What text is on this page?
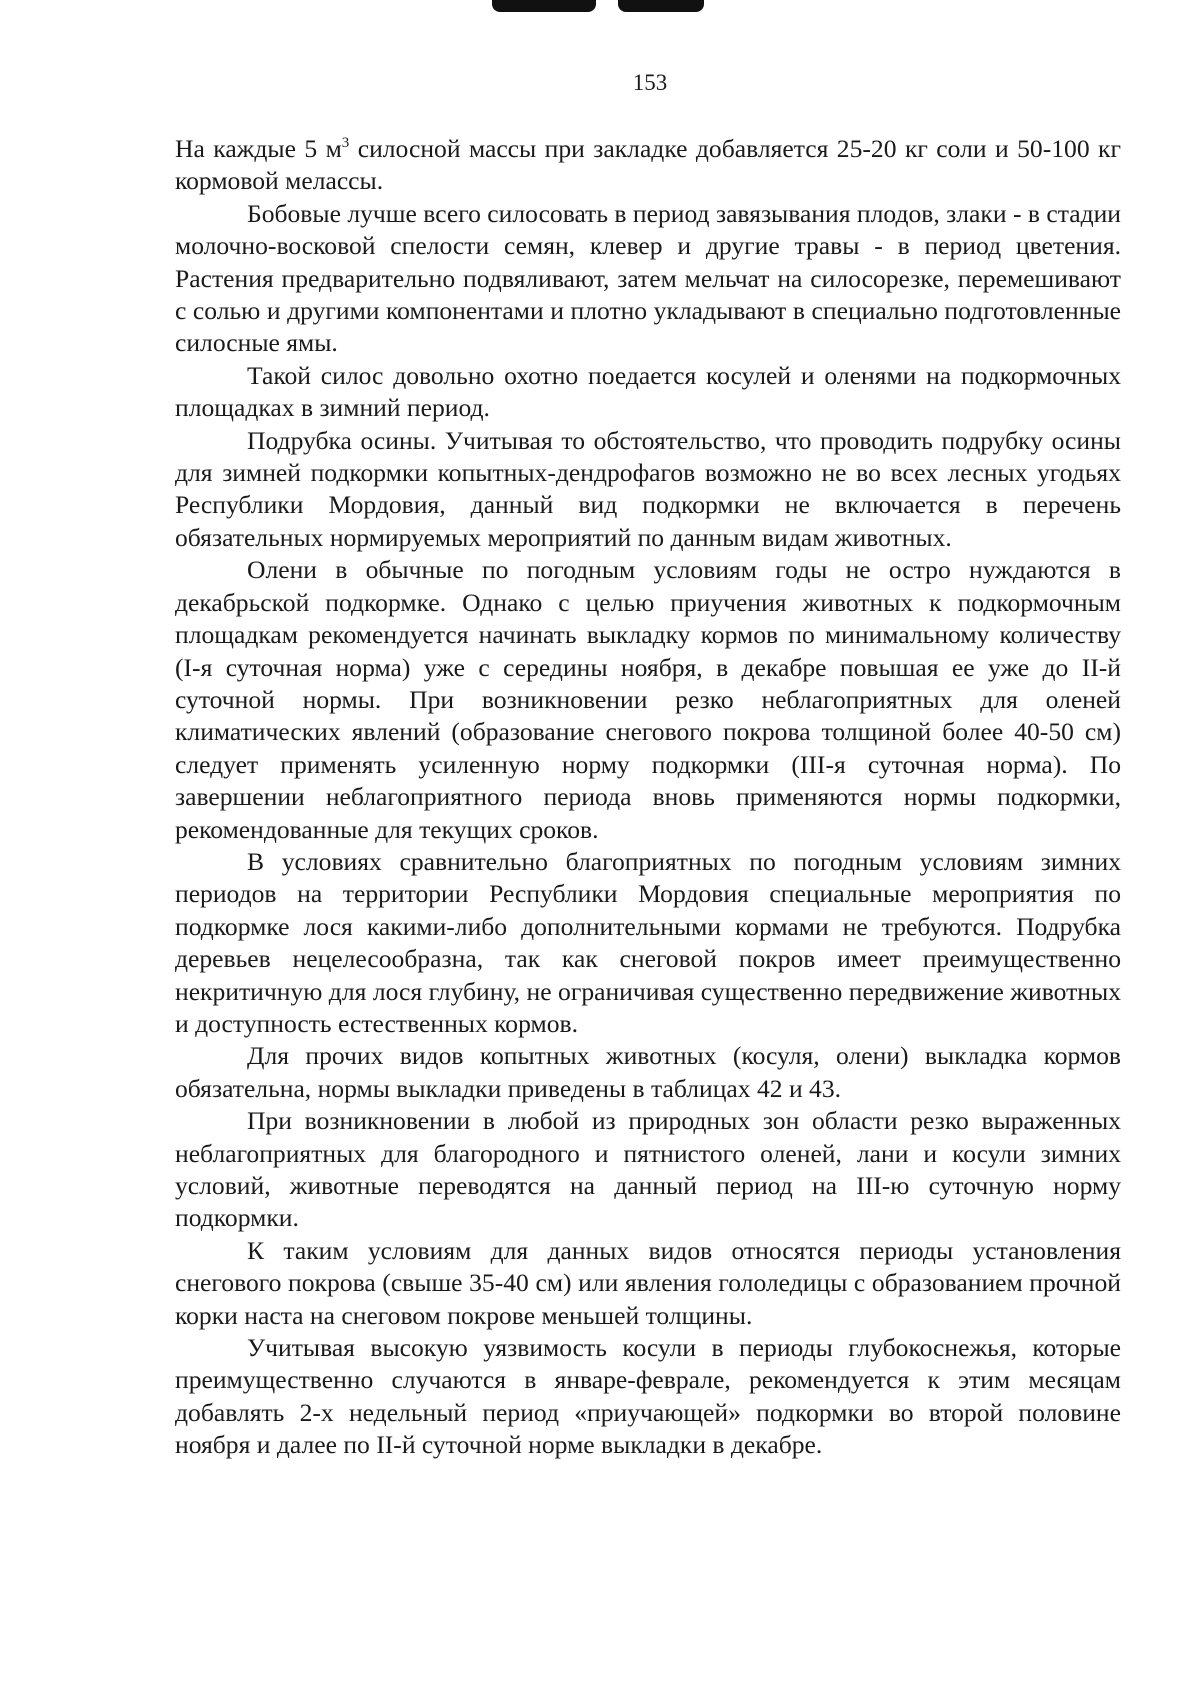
153

На каждые 5 $м^3$ силосной массы при закладке добавляется 25-20 кг соли и 50-100 кг кормовой мелассы.

Бобовые лучше всего силосовать в период завязывания плодов, злаки - в стадии молочно-восковой спелости семян, клевер и другие травы - в период цветения. Растения предварительно подвяливают, затем мельчат на силосорезке, перемешивают с солью и другими компонентами и плотно укладывают в специально подготовленные силосные ямы.

Такой силос довольно охотно поедается косулей и оленями на подкормочных площадках в зимний период.

Подрубка осины. Учитывая то обстоятельство, что проводить подрубку осины для зимней подкормки копытных-дендрофагов возможно не во всех лесных угодьях Республики Мордовия, данный вид подкормки не включается в перечень обязательных нормируемых мероприятий по данным видам животных.

Олени в обычные по погодным условиям годы не остро нуждаются в декабрьской подкормке. Однако с целью приучения животных к подкормочным площадкам рекомендуется начинать выкладку кормов по минимальному количеству (I-я суточная норма) уже с середины ноября, в декабре повышая ее уже до II-й суточной нормы. При возникновении резко неблагоприятных для оленей климатических явлений (образование снегового покрова толщиной более 40-50 см) следует применять усиленную норму подкормки (III-я суточная норма). По завершении неблагоприятного периода вновь применяются нормы подкормки, рекомендованные для текущих сроков.

В условиях сравнительно благоприятных по погодным условиям зимних периодов на территории Республики Мордовия специальные мероприятия по подкормке лося какими-либо дополнительными кормами не требуются. Подрубка деревьев нецелесообразна, так как снеговой покров имеет преимущественно некритичную для лося глубину, не ограничивая существенно передвижение животных и доступность естественных кормов.

Для прочих видов копытных животных (косуля, олени) выкладка кормов обязательна, нормы выкладки приведены в таблицах 42 и 43.

При возникновении в любой из природных зон области резко выраженных неблагоприятных для благородного и пятнистого оленей, лани и косули зимних условий, животные переводятся на данный период на III-ю суточную норму подкормки.

К таким условиям для данных видов относятся периоды установления снегового покрова (свыше 35-40 см) или явления гололедицы с образованием прочной корки наста на снеговом покрове меньшей толщины.

Учитывая высокую уязвимость косули в периоды глубокоснежья, которые преимущественно случаются в январе-феврале, рекомендуется к этим месяцам добавлять 2-х недельный период «приучающей» подкормки во второй половине ноября и далее по II-й суточной норме выкладки в декабре.
